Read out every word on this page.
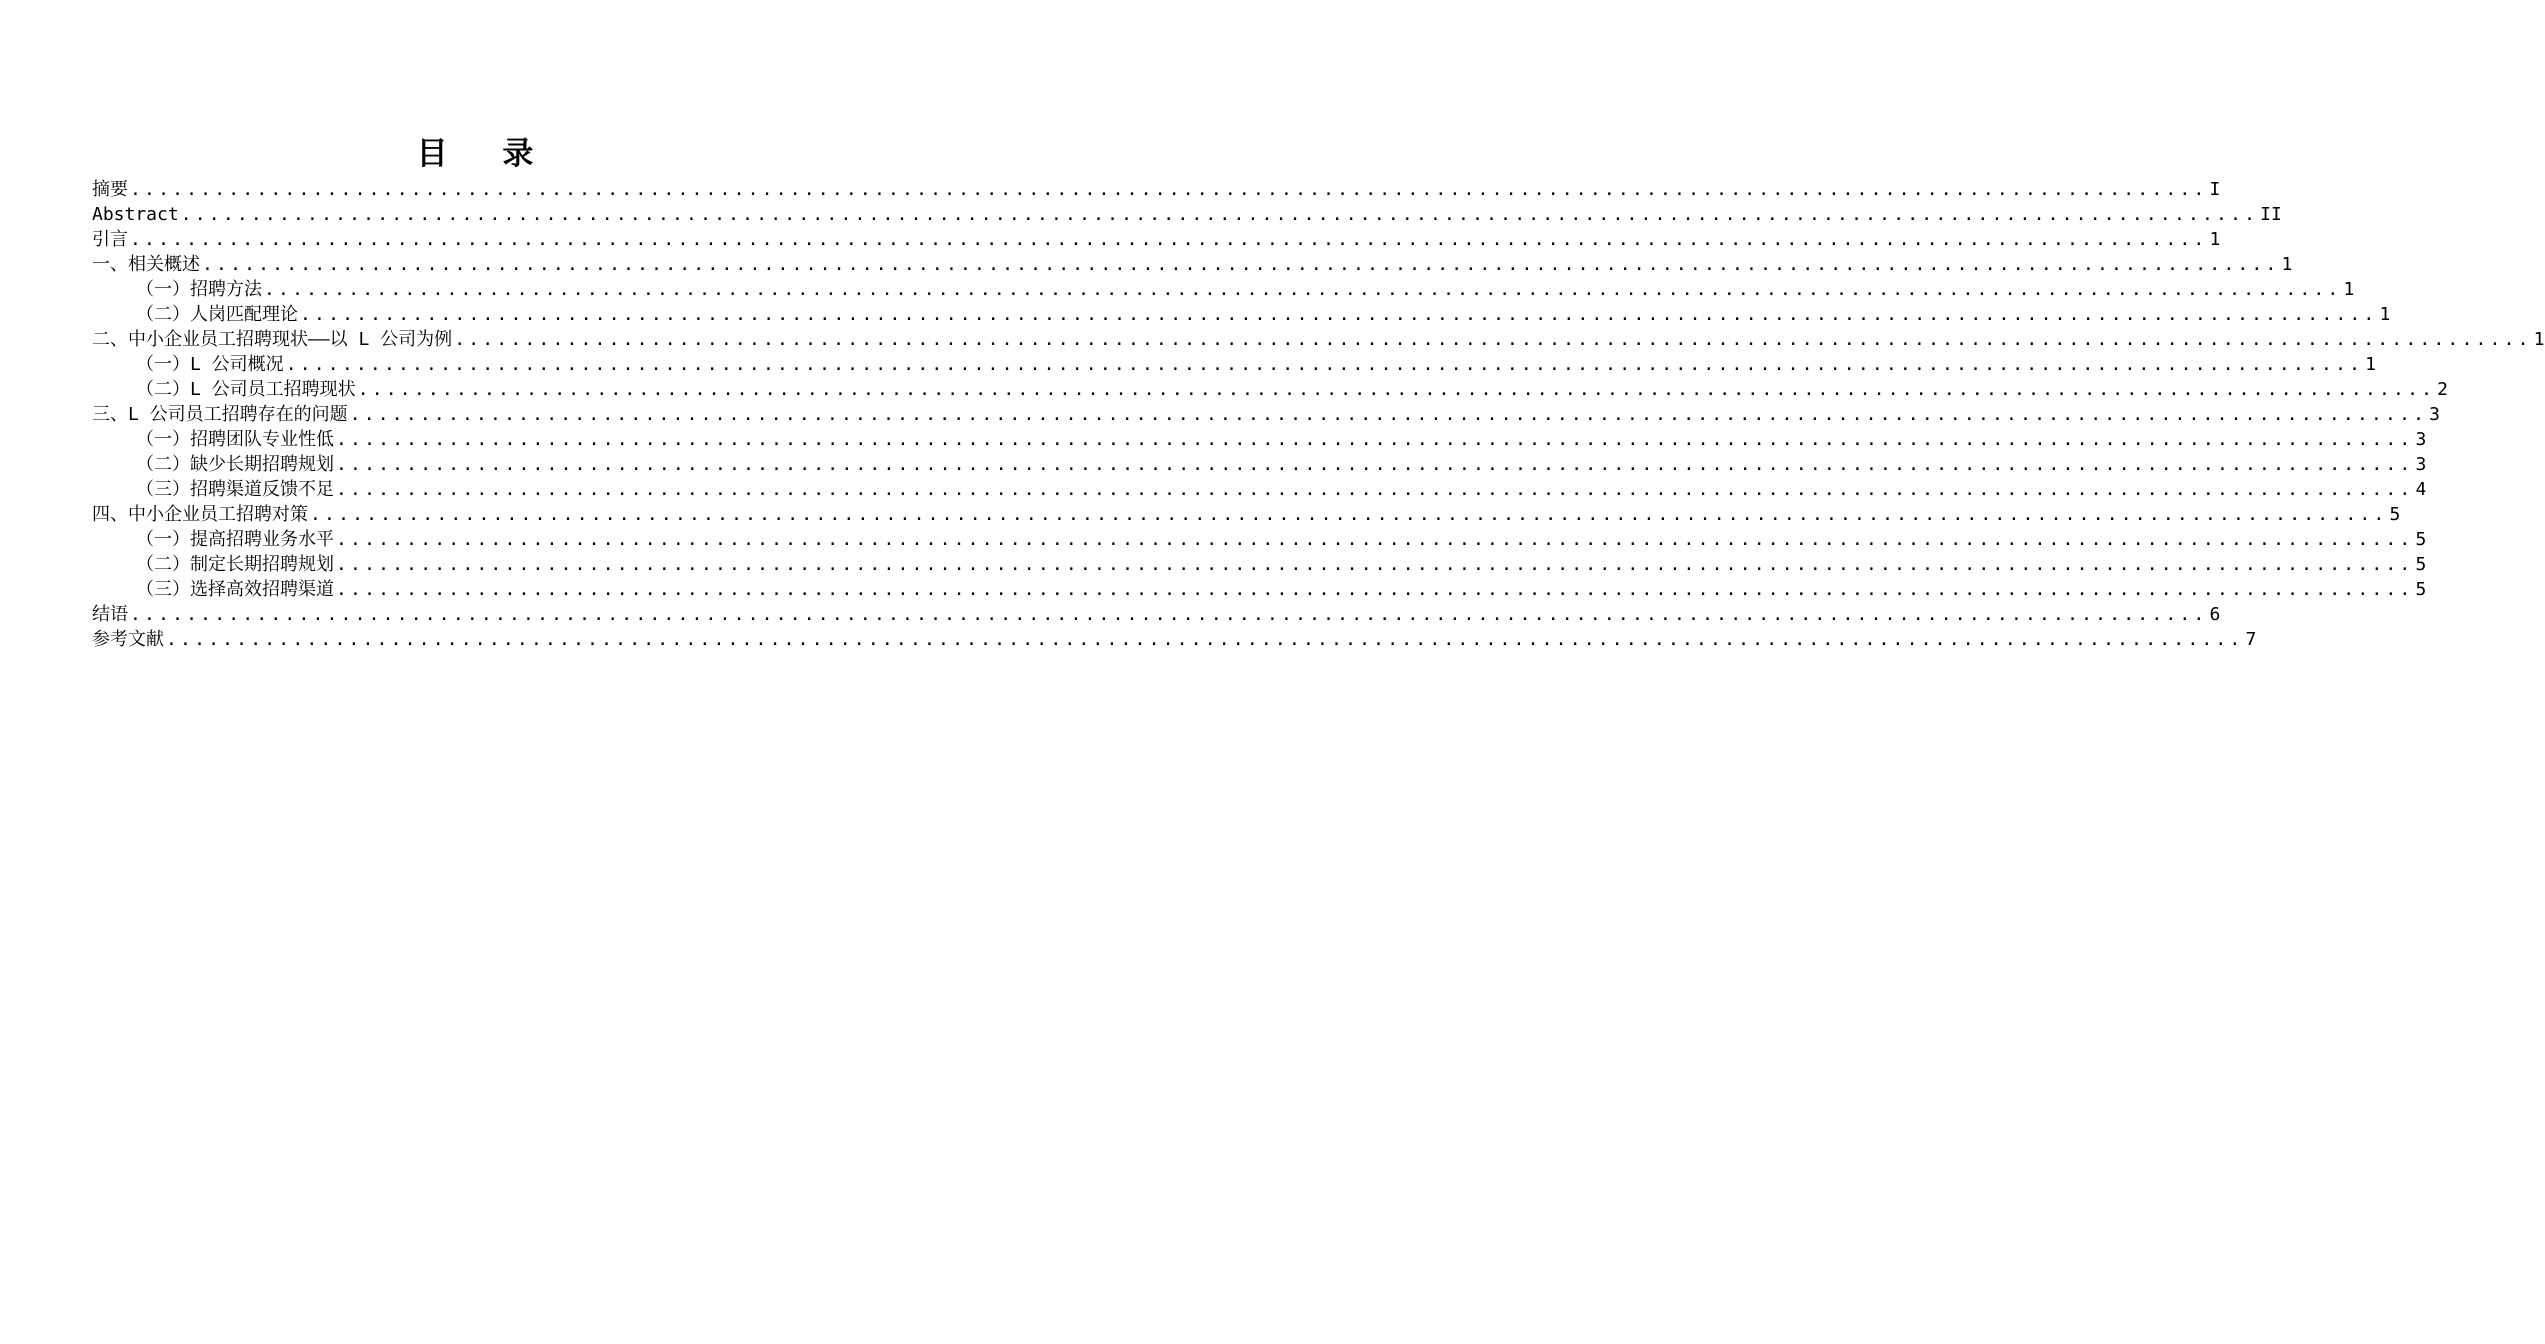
目 录
摘要 .................................................................................................................................................... I
Abstract .................................................................................................................................................... II
引言 .................................................................................................................................................... 1
一、相关概述 .................................................................................................................................................... 1
（一）招聘方法 .................................................................................................................................................... 1
（二）人岗匹配理论 .................................................................................................................................................... 1
二、中小企业员工招聘现状——以 L 公司为例 .................................................................................................................................................... 1
（一）L 公司概况 .................................................................................................................................................... 1
（二）L 公司员工招聘现状 .................................................................................................................................................... 2
三、L 公司员工招聘存在的问题 .................................................................................................................................................... 3
（一）招聘团队专业性低 .................................................................................................................................................... 3
（二）缺少长期招聘规划 .................................................................................................................................................... 3
（三）招聘渠道反馈不足 .................................................................................................................................................... 4
四、中小企业员工招聘对策 .................................................................................................................................................... 5
（一）提高招聘业务水平 .................................................................................................................................................... 5
（二）制定长期招聘规划 .................................................................................................................................................... 5
（三）选择高效招聘渠道 .................................................................................................................................................... 5
结语 .................................................................................................................................................... 6
参考文献 .................................................................................................................................................... 7
